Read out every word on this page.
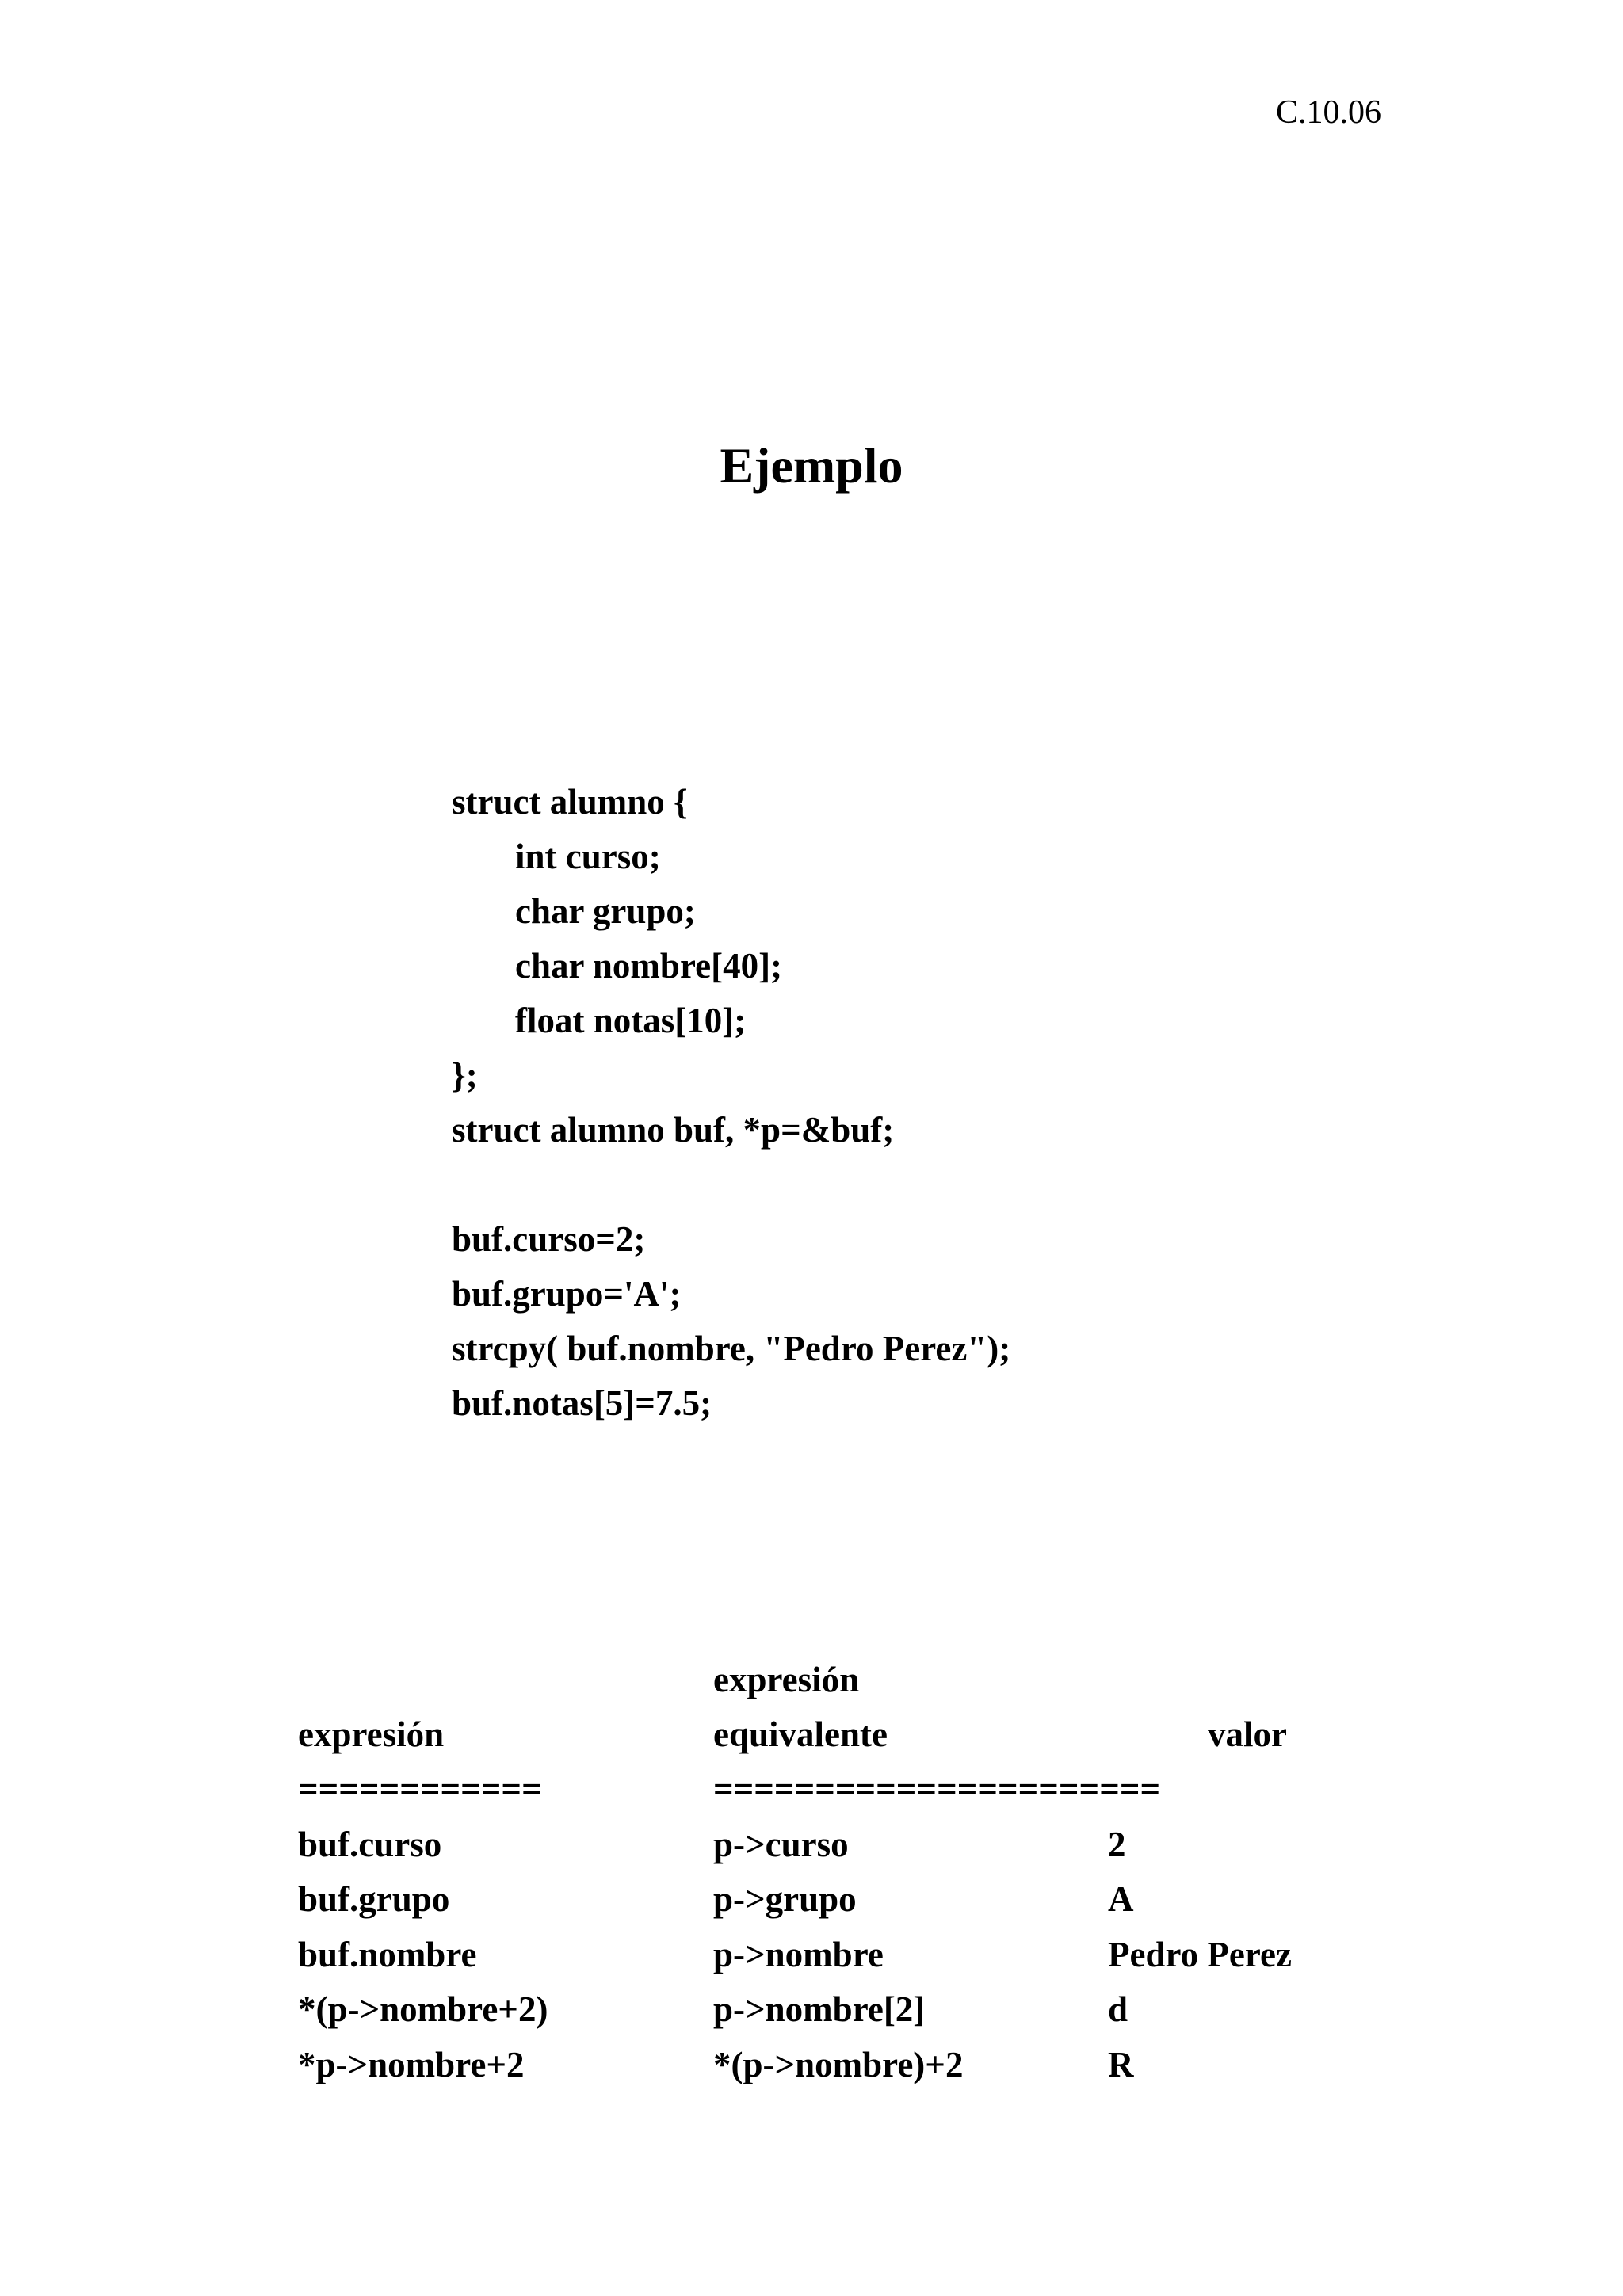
C.10.06
Ejemplo

struct alumno {

int curso;

char grupo;

char nombre[40];

float notas[10];

};

struct alumno buf, *p=&buf;

buf.curso=2;

buf.grupo='A';

strcpy( buf.nombre, "Pedro Perez");

buf.notas[5]=7.5;

expresión
expresión	equivalente	valor
============	======================
buf.curso	p->curso	2
buf.grupo	p->grupo	A
buf.nombre	p->nombre	Pedro Perez
*(p->nombre+2)	p->nombre[2]	d
*p->nombre+2	*(p->nombre)+2	R
